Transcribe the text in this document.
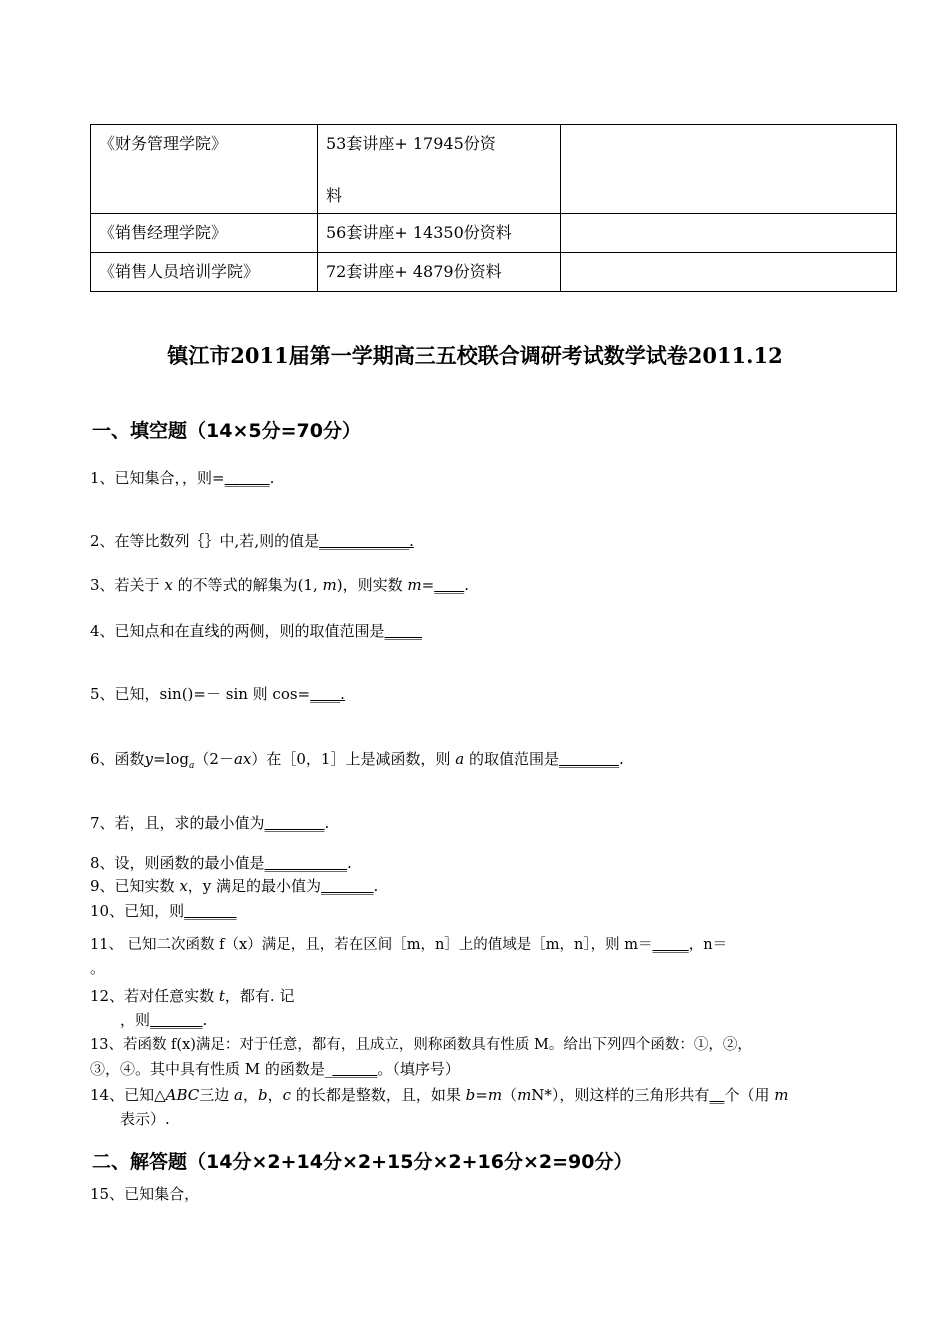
《财务管理学院》	53套讲座+ 17945份资

料	
《销售经理学院》	56套讲座+ 14350份资料	
《销售人员培训学院》	72套讲座+ 4879份资料	
镇江市2011届第一学期高三五校联合调研考试数学试卷2011.12
一、填空题（14×5分=70分）
1、已知集合，，则=______.
2、在等比数列｛｝中,若,则的值是____________.
3、若关于 x 的不等式的解集为(1, m)，则实数 m=____.
4、已知点和在直线的两侧，则的取值范围是_____
5、已知，sin()=－ sin 则 cos=____.
6、函数$y=\log_a(2-ax)$在［0，1］上是减函数，则 a 的取值范围是________.
7、若，且，求的最小值为________.
8、设，则函数的最小值是___________.
9、已知实数 x，y 满足的最小值为_______.
10、已知，则_______
11、 已知二次函数 f（x）满足，且，若在区间［m，n］上的值域是［m，n］，则 m＝_____，n＝
。
12、若对任意实数 t，都有. 记
，则_______.
13、若函数 f(x)满足：对于任意，都有，且成立，则称函数具有性质 M。给出下列四个函数：①，②，
③，④。其中具有性质 M 的函数是_______。（填序号）
14、已知△ABC三边 a，b，c 的长都是整数，且，如果 b=m（mN*），则这样的三角形共有__个（用 m
表示）.
二、解答题（14分×2+14分×2+15分×2+16分×2=90分）
15、已知集合，
